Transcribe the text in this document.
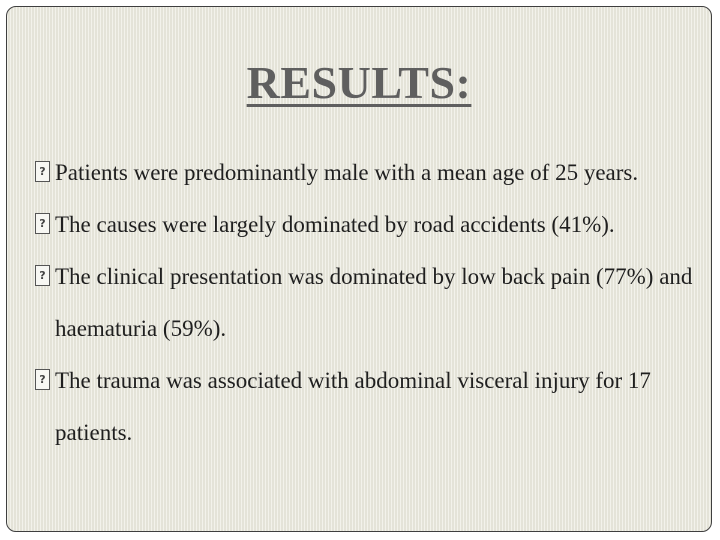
RESULTS:
? Patients were predominantly male with a mean age of 25 years.
? The causes were largely dominated by road accidents (41%).
? The clinical presentation was dominated by low back pain (77%) and haematuria (59%).
? The trauma was associated with abdominal visceral injury for 17 patients.
